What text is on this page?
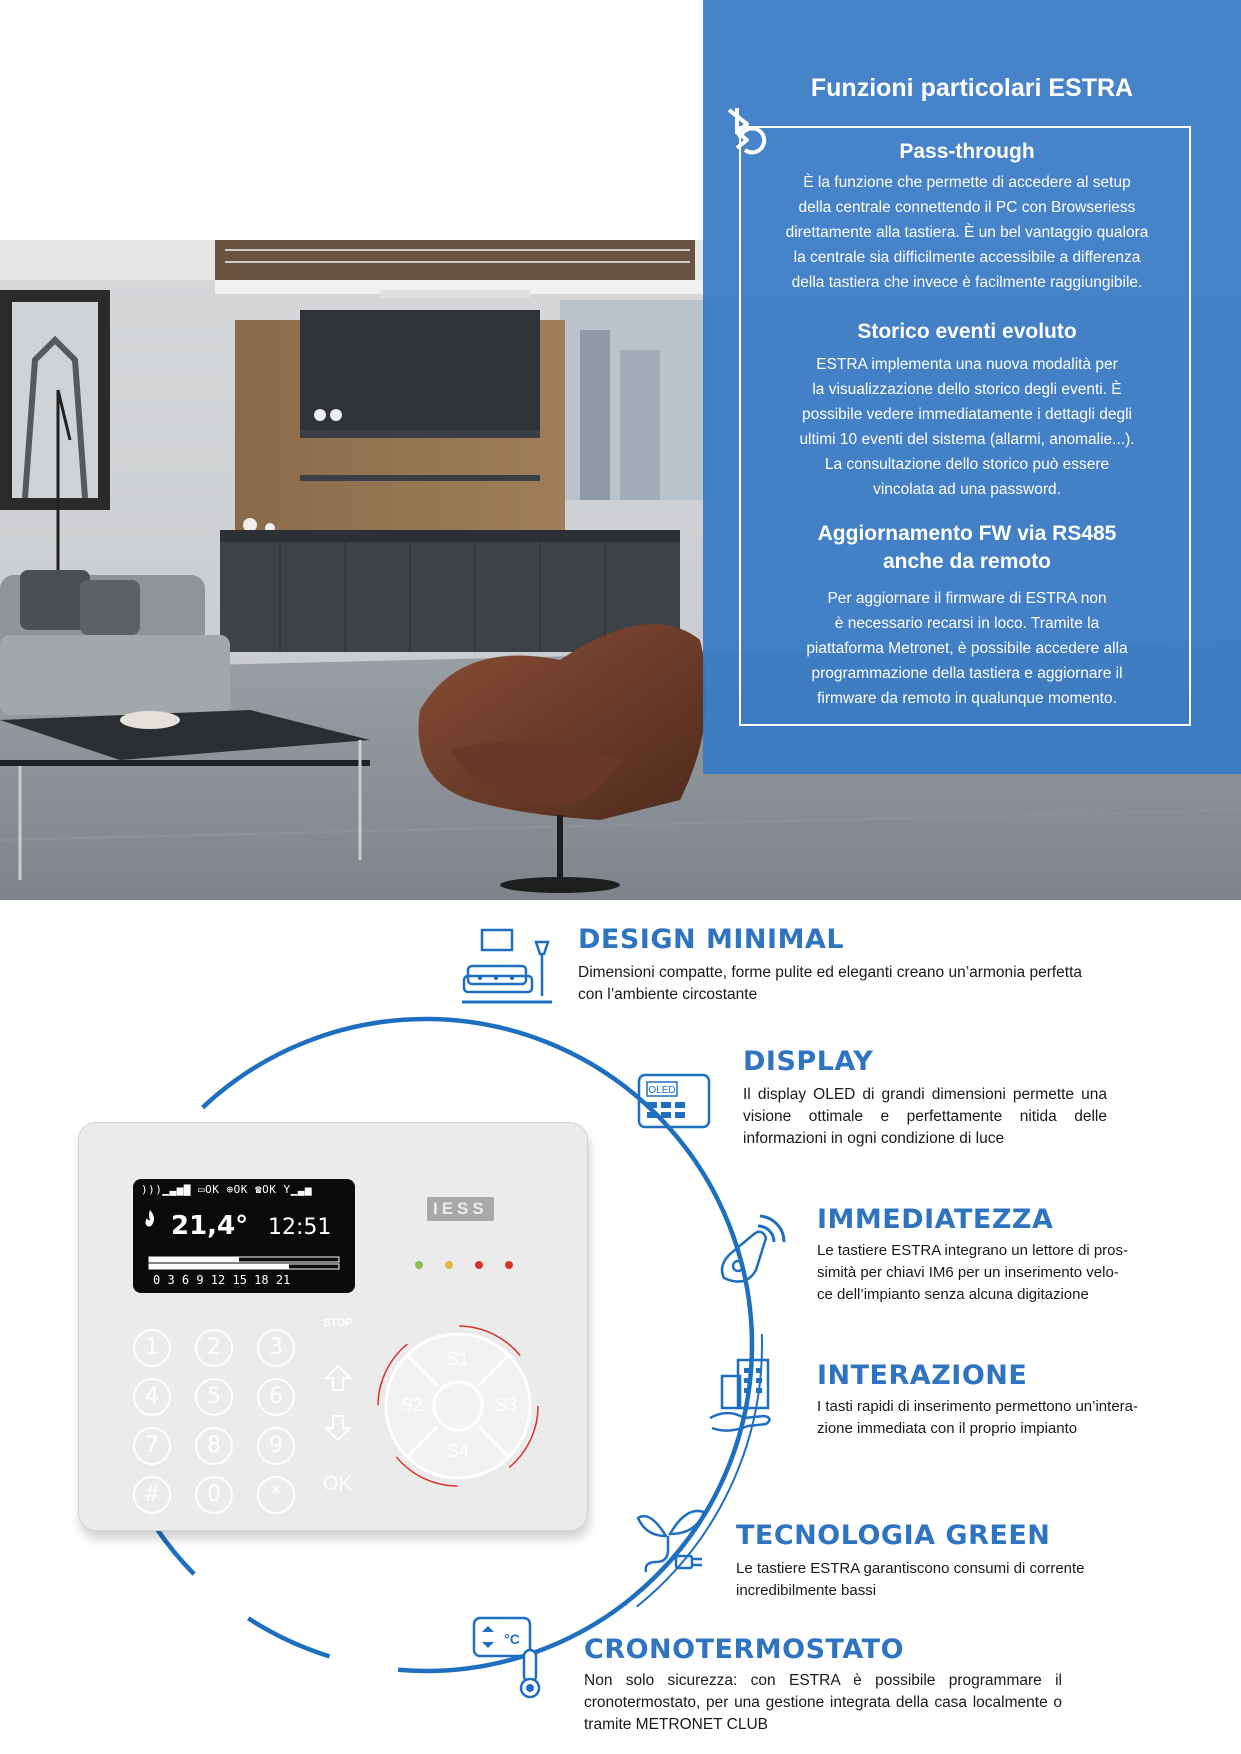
Funzioni particolari ESTRA
Pass-through
È la funzione che permette di accedere al setup
della centrale connettendo il PC con Browseriess
direttamente alla tastiera. È un bel vantaggio qualora
la centrale sia difficilmente accessibile a differenza
della tastiera che invece è facilmente raggiungibile.
Storico eventi evoluto
ESTRA implementa una nuova modalità per
la visualizzazione dello storico degli eventi. È
possibile vedere immediatamente i dettagli degli
ultimi 10 eventi del sistema (allarmi, anomalie...).
La consultazione dello storico può essere
vincolata ad una password.
Aggiornamento FW via RS485
anche da remoto
Per aggiornare il firmware di ESTRA non
è necessario recarsi in loco. Tramite la
piattaforma Metronet, è possibile accedere alla
programmazione della tastiera e aggiornare il
firmware da remoto in qualunque momento.
)))▁▃▅▇ ▭OK ⊕OK ☎OK Y▁▃▅
21,4° 12:51
0 3 6 9 12 15 18 21
IESS
1	2	3
4	5	6
7	8	9
#	0	*
STOP
OK
S1
S2	S3
S4
DESIGN MINIMAL
Dimensioni compatte, forme pulite ed eleganti creano un’armonia perfetta con l’ambiente circostante
OLED
DISPLAY
Il display OLED di grandi dimensioni permette una visione ottimale e perfettamente nitida delle informazioni in ogni condizione di luce
IMMEDIATEZZA
Le tastiere ESTRA integrano un lettore di pros-
simità per chiavi IM6 per un inserimento velo-
ce dell’impianto senza alcuna digitazione
INTERAZIONE
I tasti rapidi di inserimento permettono un’intera-
zione immediata con il proprio impianto
TECNOLOGIA GREEN
Le tastiere ESTRA garantiscono consumi di corrente
incredibilmente bassi
°C CRONOTERMOSTATO
Non solo sicurezza: con ESTRA è possibile programmare il cronotermostato, per una gestione integrata della casa localmente o tramite METRONET CLUB
